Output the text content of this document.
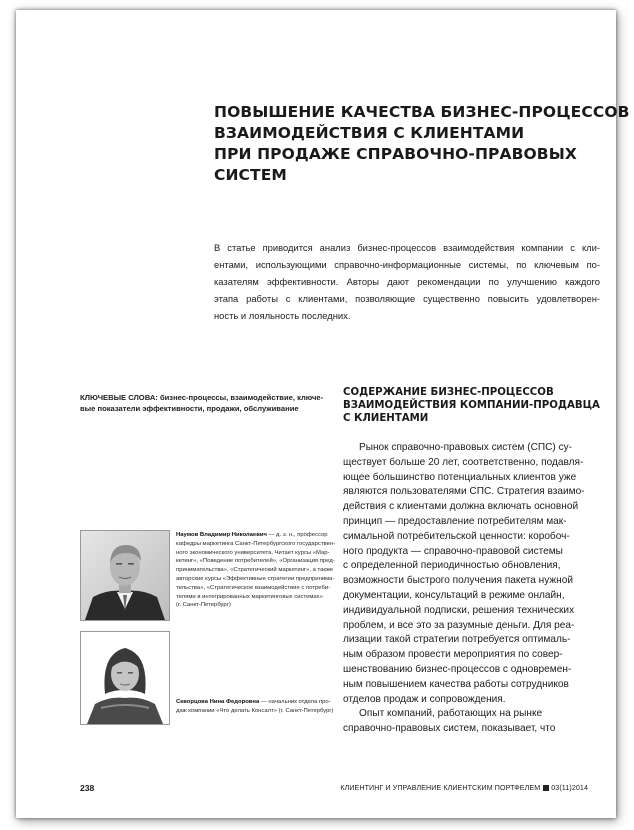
ПОВЫШЕНИЕ КАЧЕСТВА БИЗНЕС-ПРОЦЕССОВ
ВЗАИМОДЕЙСТВИЯ С КЛИЕНТАМИ
ПРИ ПРОДАЖЕ СПРАВОЧНО-ПРАВОВЫХ
СИСТЕМ
В статье приводится анализ бизнес-процессов взаимодействия компании с кли-
ентами, использующими справочно-информационные системы, по ключевым по-
казателям эффективности. Авторы дают рекомендации по улучшению каждого
этапа работы с клиентами, позволяющие существенно повысить удовлетворен-
ность и лояльность последних.
КЛЮЧЕВЫЕ СЛОВА: бизнес-процессы, взаимодействие, ключе-
вые показатели эффективности, продажи, обслуживание
СОДЕРЖАНИЕ БИЗНЕС-ПРОЦЕССОВ
ВЗАИМОДЕЙСТВИЯ КОМПАНИИ-ПРОДАВЦА
С КЛИЕНТАМИ
Рынок справочно-правовых систем (СПС) су-
ществует больше 20 лет, соответственно, подавля-
ющее большинство потенциальных клиентов уже
являются пользователями СПС. Стратегия взаимо-
действия с клиентами должна включать основной
принцип — предоставление потребителям мак-
симальной потребительской ценности: коробоч-
ного продукта — справочно-правовой системы
с определенной периодичностью обновления,
возможности быстрого получения пакета нужной
документации, консультаций в режиме онлайн,
индивидуальной подписки, решения технических
проблем, и все это за разумные деньги. Для реа-
лизации такой стратегии потребуется оптималь-
ным образом провести мероприятия по совер-
шенствованию бизнес-процессов с одновремен-
ным повышением качества работы сотрудников
отделов продаж и сопровождения.
Опыт компаний, работающих на рынке
справочно-правовых систем, показывает, что
Наумов Владимир Николаевич — д. э. н., профессор
кафедры маркетинга Санкт-Петербургского государствен-
ного экономического университета. Читает курсы «Мар-
кетинг», «Поведение потребителей», «Организация пред-
принимательства», «Стратегический маркетинг», а также
авторские курсы «Эффективные стратегии предпринима-
тельства», «Стратегическое взаимодействие с потреби-
телями в интегрированных маркетинговых системах»
(г. Санкт-Петербург)
Скворцова Нина Федоровна — начальник отдела про-
даж компании «Что делать Консалт» (г. Санкт-Петербург)
238	КЛИЕНТИНГ И УПРАВЛЕНИЕ КЛИЕНТСКИМ ПОРТФЕЛЕМ 03(11)2014
